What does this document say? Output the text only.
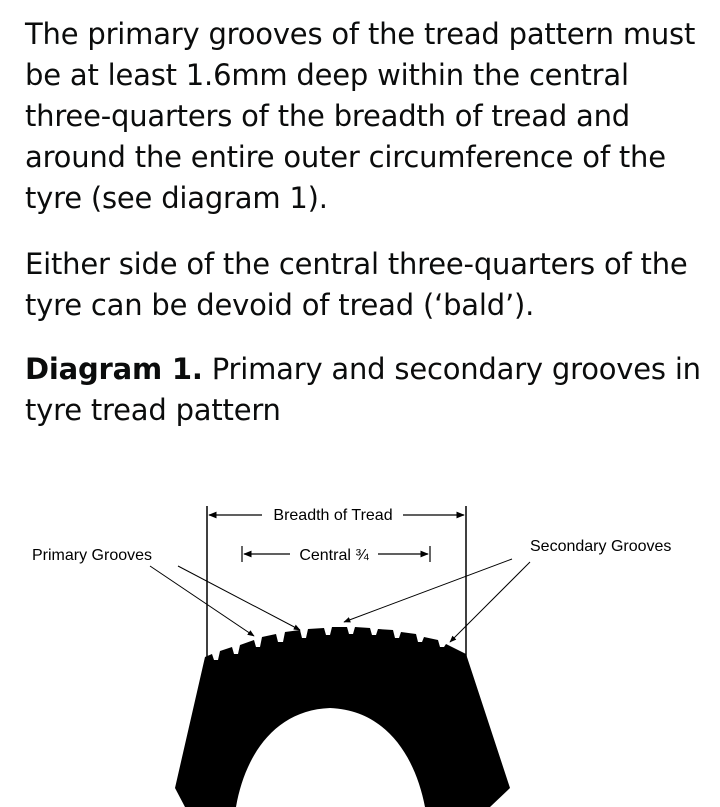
The primary grooves of the tread pattern must be at least 1.6mm deep within the central three-quarters of the breadth of tread and around the entire outer circumference of the tyre (see diagram 1).

Either side of the central three-quarters of the tyre can be devoid of tread (‘bald’).

Diagram 1. Primary and secondary grooves in tyre tread pattern

Breadth of Tread
Central ¾
Primary Grooves
Secondary Grooves
